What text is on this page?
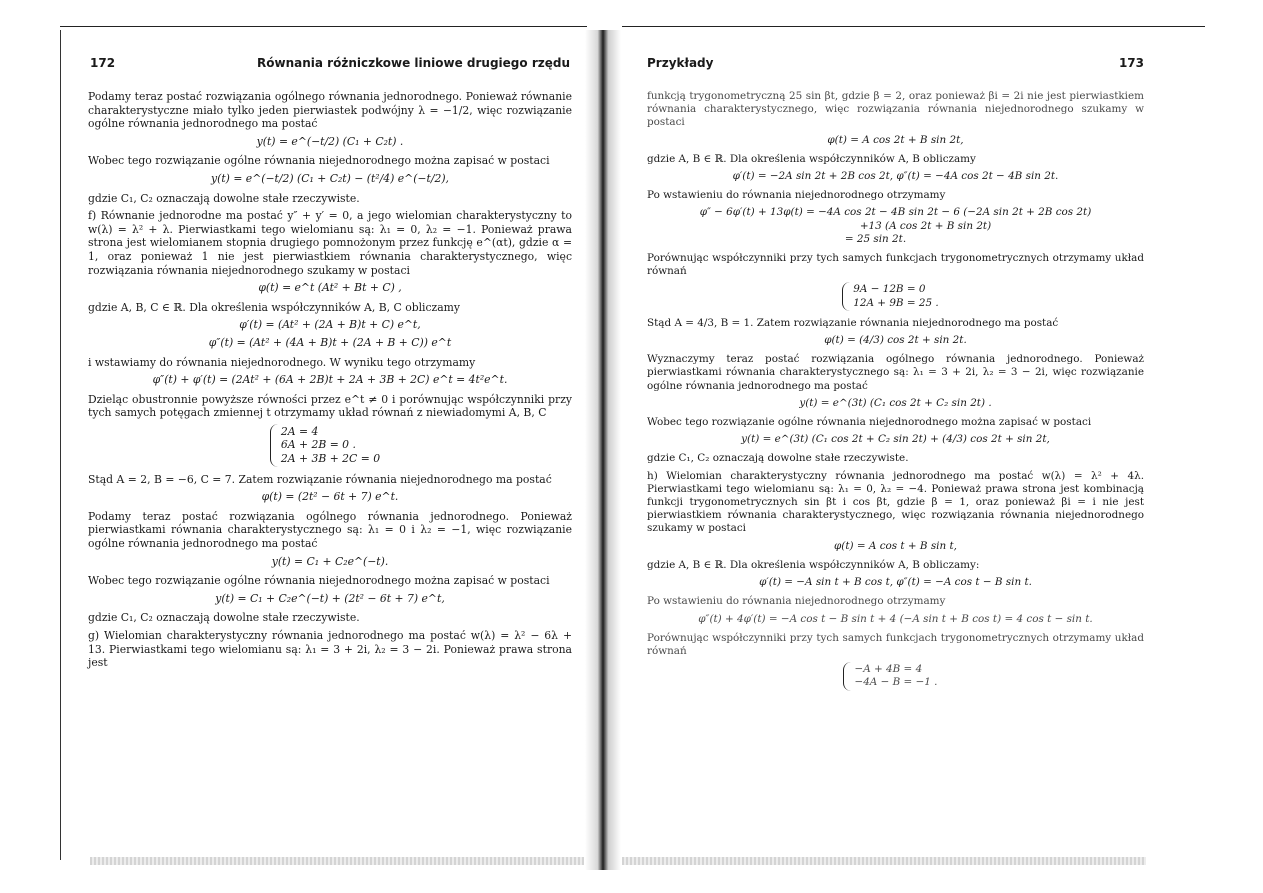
172	Równania różniczkowe liniowe drugiego rzędu

Podamy teraz postać rozwiązania ogólnego równania jednorodnego. Ponieważ równanie charakterystyczne miało tylko jeden pierwiastek podwójny λ = −1/2, więc rozwiązanie ogólne równania jednorodnego ma postać

y(t) = e^(−t/2) (C₁ + C₂t) .

Wobec tego rozwiązanie ogólne równania niejednorodnego można zapisać w postaci

y(t) = e^(−t/2) (C₁ + C₂t) − (t²/4) e^(−t/2),

gdzie C₁, C₂ oznaczają dowolne stałe rzeczywiste.

f) Równanie jednorodne ma postać y″ + y′ = 0, a jego wielomian charakterystyczny to w(λ) = λ² + λ. Pierwiastkami tego wielomianu są: λ₁ = 0, λ₂ = −1. Ponieważ prawa strona jest wielomianem stopnia drugiego pomnożonym przez funkcję e^(αt), gdzie α = 1, oraz ponieważ 1 nie jest pierwiastkiem równania charakterystycznego, więc rozwiązania równania niejednorodnego szukamy w postaci

φ(t) = e^t (At² + Bt + C) ,

gdzie A, B, C ∈ ℝ. Dla określenia współczynników A, B, C obliczamy

φ′(t) = (At² + (2A + B)t + C) e^t,
φ″(t) = (At² + (4A + B)t + (2A + B + C)) e^t

i wstawiamy do równania niejednorodnego. W wyniku tego otrzymamy

φ″(t) + φ′(t) = (2At² + (6A + 2B)t + 2A + 3B + 2C) e^t = 4t²e^t.

Dzieląc obustronnie powyższe równości przez e^t ≠ 0 i porównując współczynniki przy tych samych potęgach zmiennej t otrzymamy układ równań z niewiadomymi A, B, C

2A = 4
6A + 2B = 0 .
2A + 3B + 2C = 0

Stąd A = 2, B = −6, C = 7. Zatem rozwiązanie równania niejednorodnego ma postać

φ(t) = (2t² − 6t + 7) e^t.

Podamy teraz postać rozwiązania ogólnego równania jednorodnego. Ponieważ pierwiastkami równania charakterystycznego są: λ₁ = 0 i λ₂ = −1, więc rozwiązanie ogólne równania jednorodnego ma postać

y(t) = C₁ + C₂e^(−t).

Wobec tego rozwiązanie ogólne równania niejednorodnego można zapisać w postaci

y(t) = C₁ + C₂e^(−t) + (2t² − 6t + 7) e^t,

gdzie C₁, C₂ oznaczają dowolne stałe rzeczywiste.

g) Wielomian charakterystyczny równania jednorodnego ma postać w(λ) = λ² − 6λ + 13. Pierwiastkami tego wielomianu są: λ₁ = 3 + 2i, λ₂ = 3 − 2i. Ponieważ prawa strona jest

Przykłady	173

funkcją trygonometryczną 25 sin βt, gdzie β = 2, oraz ponieważ βi = 2i nie jest pierwiastkiem równania charakterystycznego, więc rozwiązania równania niejednorodnego szukamy w postaci

φ(t) = A cos 2t + B sin 2t,

gdzie A, B ∈ ℝ. Dla określenia współczynników A, B obliczamy

φ′(t) = −2A sin 2t + 2B cos 2t, φ″(t) = −4A cos 2t − 4B sin 2t.

Po wstawieniu do równania niejednorodnego otrzymamy

φ″ − 6φ′(t) + 13φ(t) = −4A cos 2t − 4B sin 2t − 6 (−2A sin 2t + 2B cos 2t)
+13 (A cos 2t + B sin 2t)
= 25 sin 2t.

Porównując współczynniki przy tych samych funkcjach trygonometrycznych otrzymamy układ równań

9A − 12B = 0
12A + 9B = 25 .

Stąd A = 4/3, B = 1. Zatem rozwiązanie równania niejednorodnego ma postać

φ(t) = (4/3) cos 2t + sin 2t.

Wyznaczymy teraz postać rozwiązania ogólnego równania jednorodnego. Ponieważ pierwiastkami równania charakterystycznego są: λ₁ = 3 + 2i, λ₂ = 3 − 2i, więc rozwiązanie ogólne równania jednorodnego ma postać

y(t) = e^(3t) (C₁ cos 2t + C₂ sin 2t) .

Wobec tego rozwiązanie ogólne równania niejednorodnego można zapisać w postaci

y(t) = e^(3t) (C₁ cos 2t + C₂ sin 2t) + (4/3) cos 2t + sin 2t,

gdzie C₁, C₂ oznaczają dowolne stałe rzeczywiste.

h) Wielomian charakterystyczny równania jednorodnego ma postać w(λ) = λ² + 4λ. Pierwiastkami tego wielomianu są: λ₁ = 0, λ₂ = −4. Ponieważ prawa strona jest kombinacją funkcji trygonometrycznych sin βt i cos βt, gdzie β = 1, oraz ponieważ βi = i nie jest pierwiastkiem równania charakterystycznego, więc rozwiązania równania niejednorodnego szukamy w postaci

φ(t) = A cos t + B sin t,

gdzie A, B ∈ ℝ. Dla określenia współczynników A, B obliczamy:

φ′(t) = −A sin t + B cos t, φ″(t) = −A cos t − B sin t.

Po wstawieniu do równania niejednorodnego otrzymamy

φ″(t) + 4φ′(t) = −A cos t − B sin t + 4 (−A sin t + B cos t) = 4 cos t − sin t.

Porównując współczynniki przy tych samych funkcjach trygonometrycznych otrzymamy układ równań

−A + 4B = 4
−4A − B = −1 .
